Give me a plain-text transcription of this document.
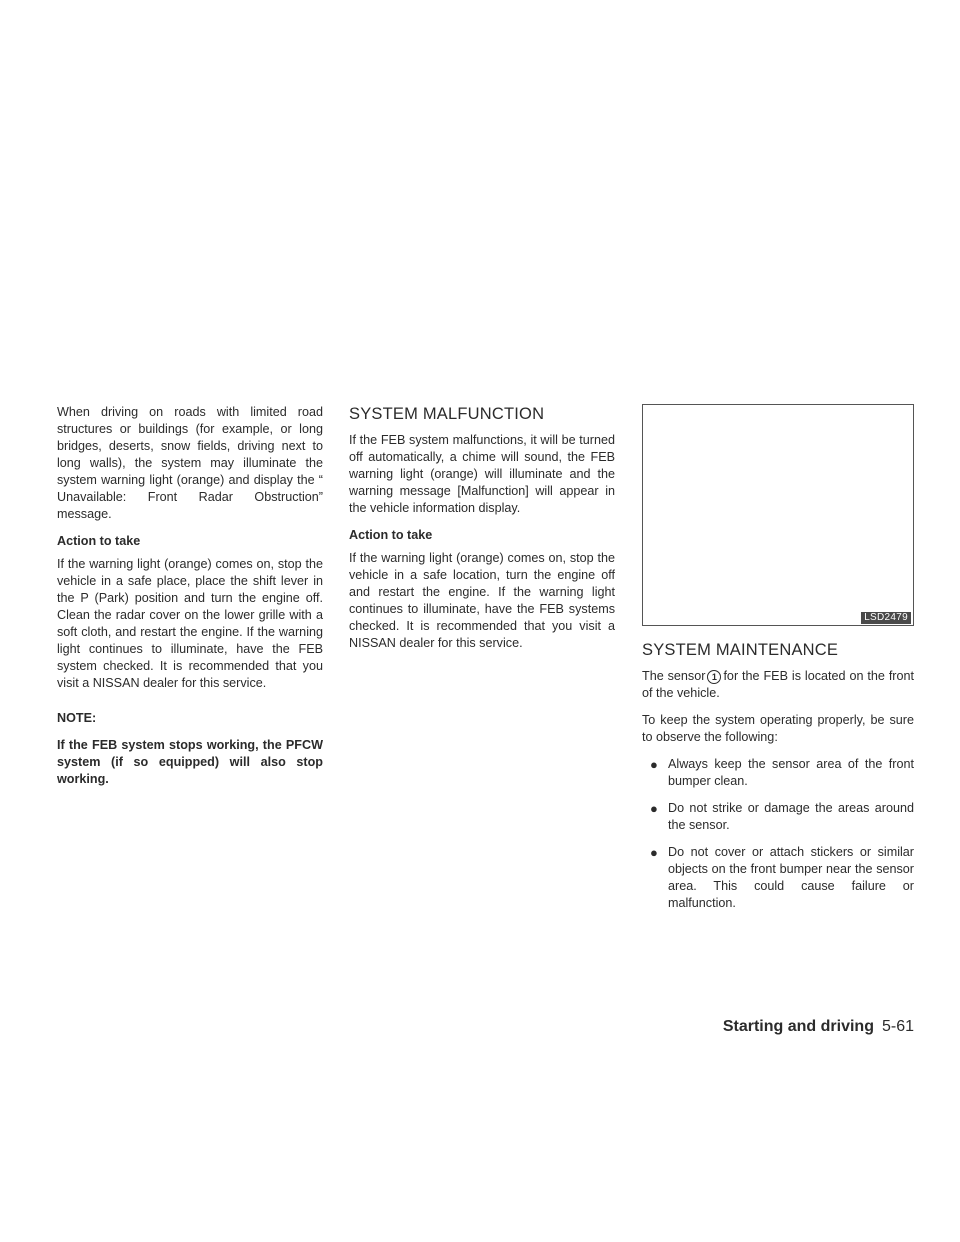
When driving on roads with limited road structures or buildings (for example, or long bridges, deserts, snow fields, driving next to long walls), the system may illuminate the system warning light (orange) and display the “ Unavailable: Front Radar Obstruction” message.

Action to take

If the warning light (orange) comes on, stop the vehicle in a safe place, place the shift lever in the P (Park) position and turn the engine off. Clean the radar cover on the lower grille with a soft cloth, and restart the engine. If the warning light continues to illuminate, have the FEB system checked. It is recommended that you visit a NISSAN dealer for this service.

NOTE:

If the FEB system stops working, the PFCW system (if so equipped) will also stop working.

SYSTEM MALFUNCTION

If the FEB system malfunctions, it will be turned off automatically, a chime will sound, the FEB warning light (orange) will illuminate and the warning message [Malfunction] will appear in the vehicle information display.

Action to take

If the warning light (orange) comes on, stop the vehicle in a safe location, turn the engine off and restart the engine. If the warning light continues to illuminate, have the FEB systems checked. It is recommended that you visit a NISSAN dealer for this service.

LSD2479
SYSTEM MAINTENANCE

The sensor 1 for the FEB is located on the front of the vehicle.

To keep the system operating properly, be sure to observe the following:

● Always keep the sensor area of the front bumper clean.
● Do not strike or damage the areas around the sensor.
● Do not cover or attach stickers or similar objects on the front bumper near the sensor area. This could cause failure or malfunction.
Starting and driving 5-61
